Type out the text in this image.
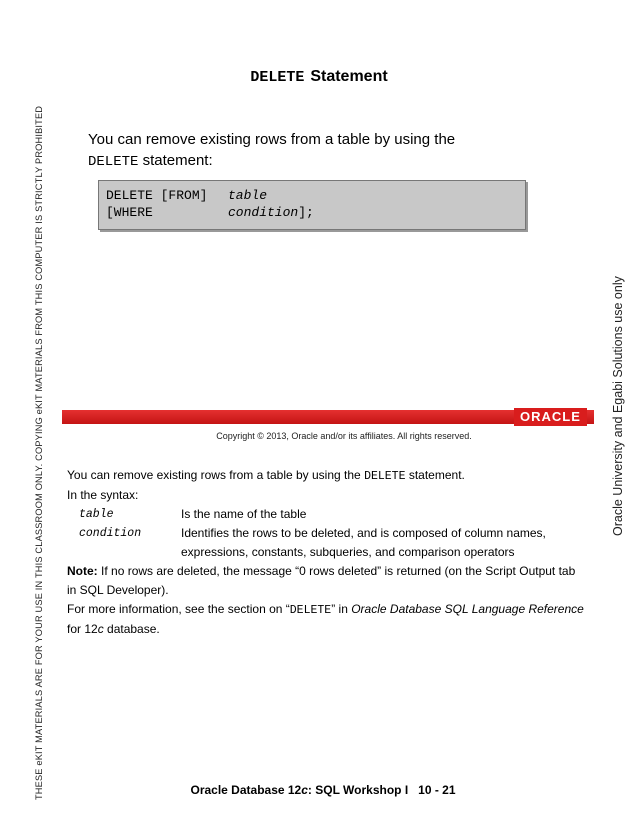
THESE eKIT MATERIALS ARE FOR YOUR USE IN THIS CLASSROOM ONLY. COPYING eKIT MATERIALS FROM THIS COMPUTER IS STRICTLY PROHIBITED	Oracle University and Egabi Solutions use only
DELETE Statement
You can remove existing rows from a table by using the
DELETE statement:
DELETE [FROM] table
[WHERE	condition];
ORACLE
Copyright © 2013, Oracle and/or its affiliates. All rights reserved.

You can remove existing rows from a table by using the DELETE statement.

In the syntax:

table	Is the name of the table
condition	Identifies the rows to be deleted, and is composed of column names, expressions, constants, subqueries, and comparison operators

Note: If no rows are deleted, the message “0 rows deleted” is returned (on the Script Output tab in SQL Developer).

For more information, see the section on “DELETE” in Oracle Database SQL Language Reference for 12c database.

Oracle Database 12c: SQL Workshop I   10 - 21
